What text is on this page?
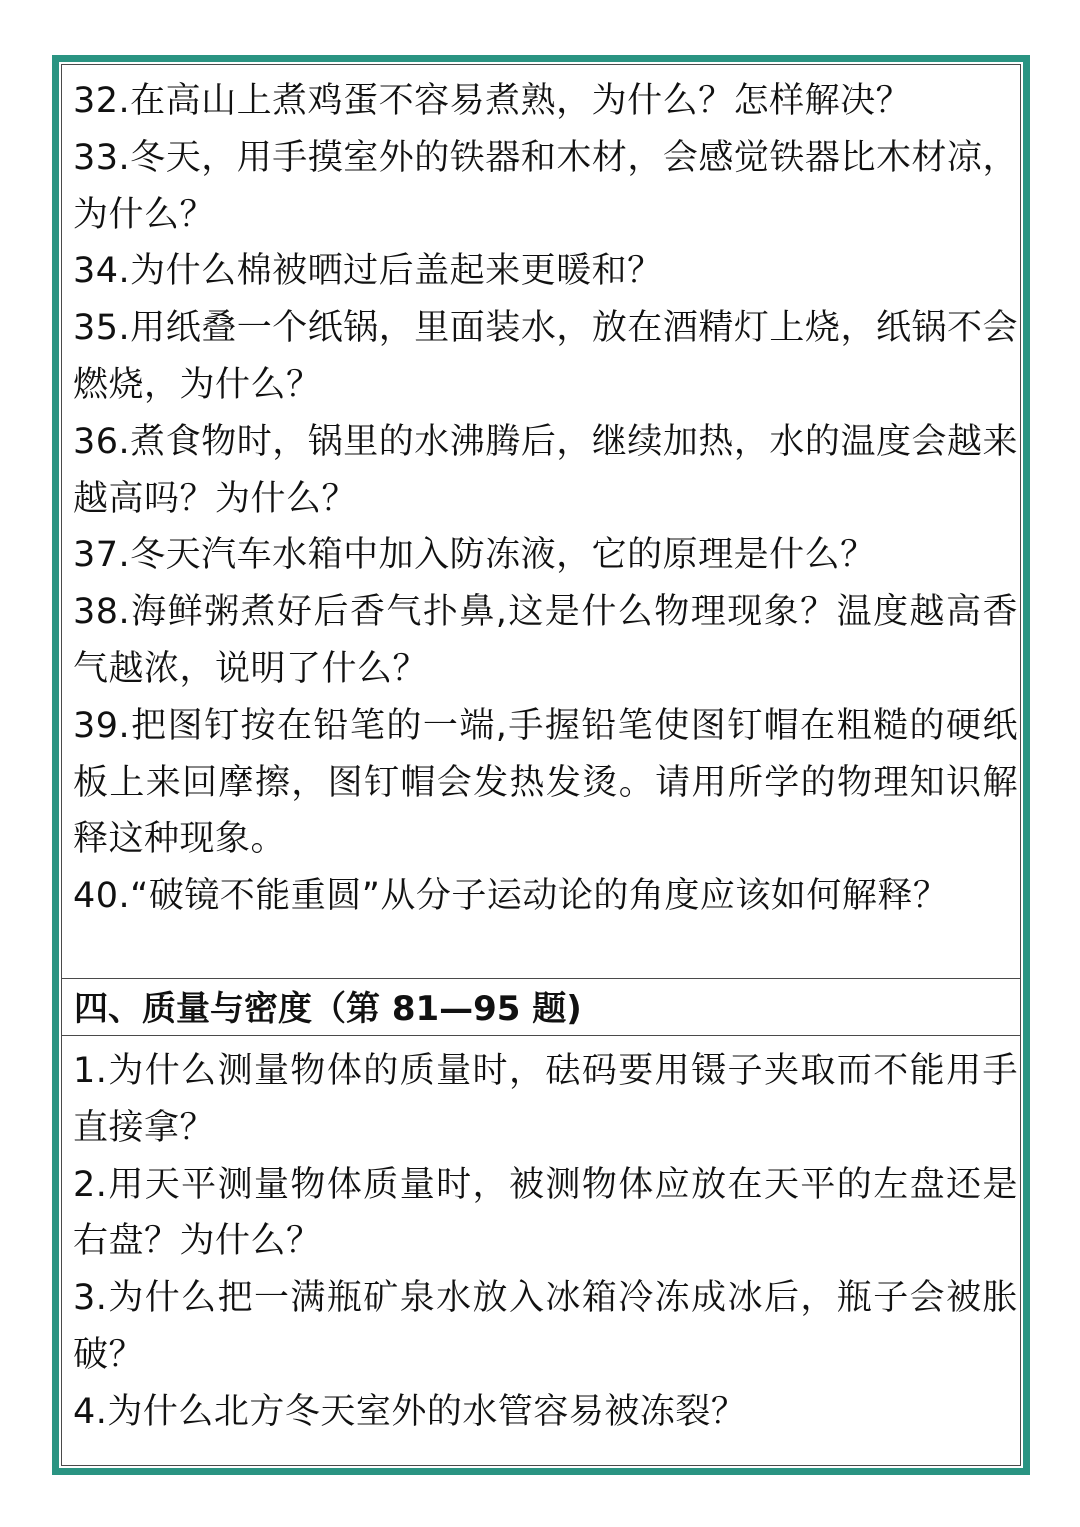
32.在高山上煮鸡蛋不容易煮熟，为什么？怎样解决？
33.冬天，用手摸室外的铁器和木材，会感觉铁器比木材凉，为什么？
34.为什么棉被晒过后盖起来更暖和？
35.用纸叠一个纸锅，里面装水，放在酒精灯上烧，纸锅不会燃烧，为什么？
36.煮食物时，锅里的水沸腾后，继续加热，水的温度会越来越高吗？为什么？
37.冬天汽车水箱中加入防冻液，它的原理是什么？
38.海鲜粥煮好后香气扑鼻,这是什么物理现象？温度越高香气越浓，说明了什么？
39.把图钉按在铅笔的一端,手握铅笔使图钉帽在粗糙的硬纸板上来回摩擦，图钉帽会发热发烫。请用所学的物理知识解释这种现象。
40.“破镜不能重圆”从分子运动论的角度应该如何解释？
四、质量与密度（第 81—95 题)
1.为什么测量物体的质量时，砝码要用镊子夹取而不能用手直接拿？
2.用天平测量物体质量时，被测物体应放在天平的左盘还是右盘？为什么？
3.为什么把一满瓶矿泉水放入冰箱冷冻成冰后，瓶子会被胀破？
4.为什么北方冬天室外的水管容易被冻裂？
